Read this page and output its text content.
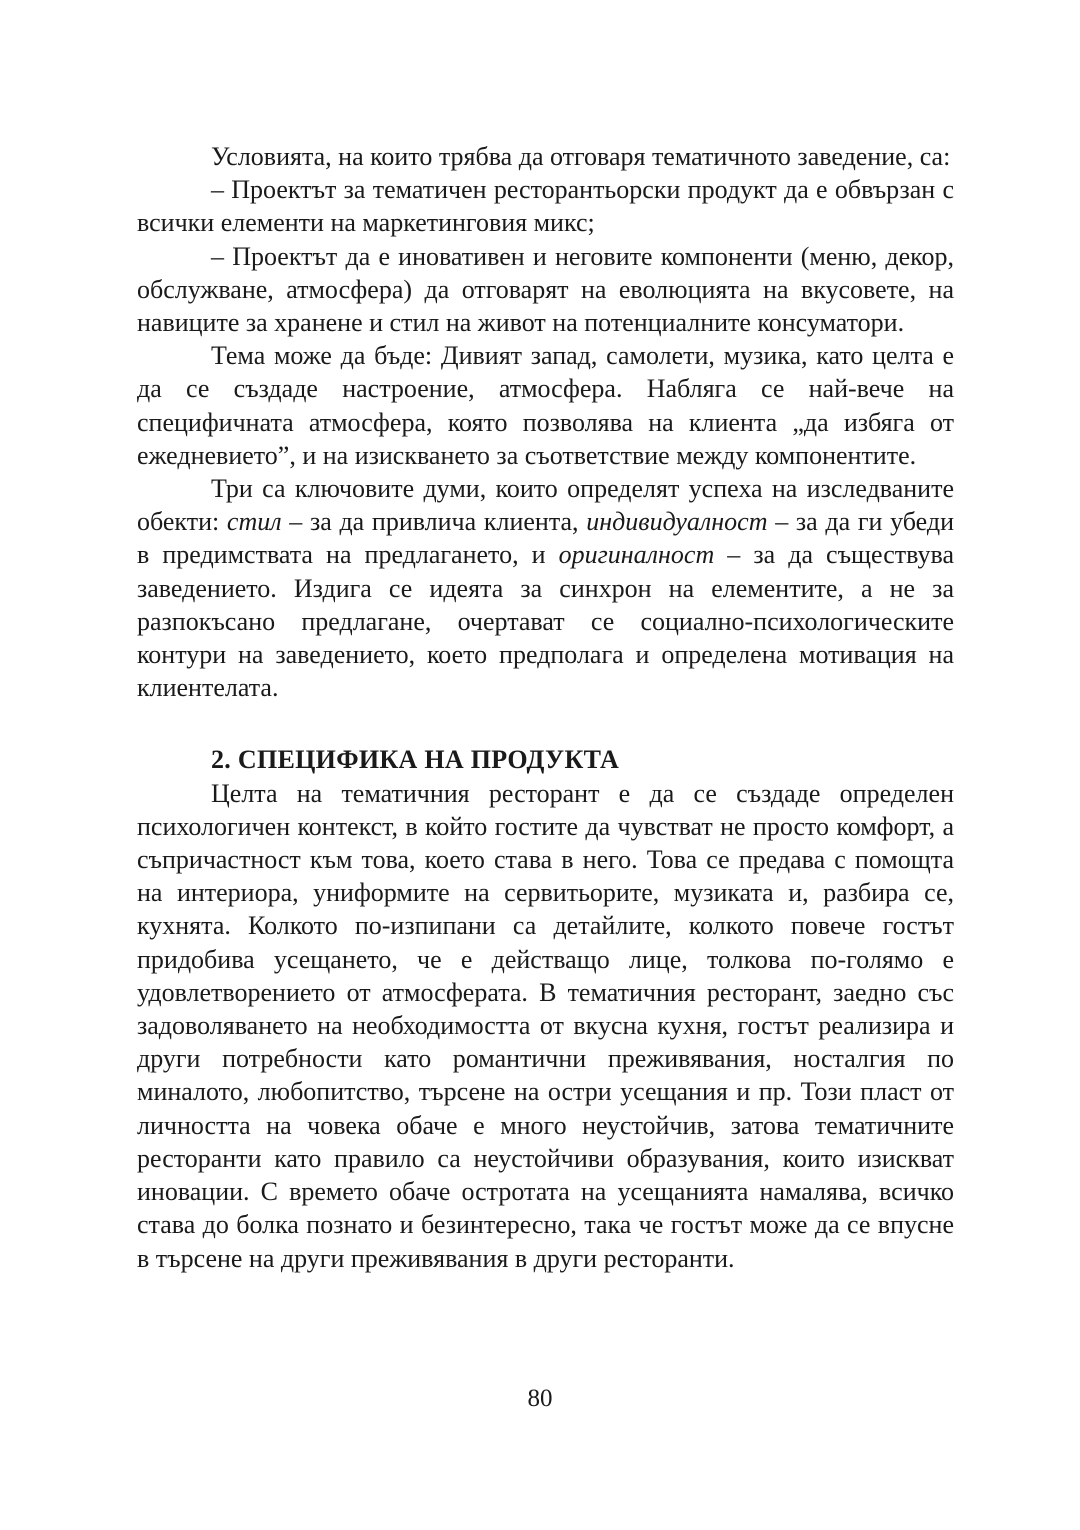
Условията, на които трябва да отговаря тематичното заведение, са:

– Проектът за тематичен ресторантьорски продукт да е обвързан с всички елементи на маркетинговия микс;

– Проектът да е иновативен и неговите компоненти (меню, декор, обслужване, атмосфера) да отговарят на еволюцията на вкусовете, на навиците за хранене и стил на живот на потенциалните консуматори.

Тема може да бъде: Дивият запад, самолети, музика, като целта е да се създаде настроение, атмосфера. Набляга се най-вече на специфичната атмосфера, която позволява на клиента „да избяга от ежедневието”, и на изискването за съответствие между компонентите.

Три са ключовите думи, които определят успеха на изследваните обекти: стил – за да привлича клиента, индивидуалност – за да ги убеди в предимствата на предлагането, и оригиналност – за да съществува заведението. Издига се идеята за синхрон на елементите, а не за разпокъсано предлагане, очертават се социално-психологическите контури на заведението, което предполага и определена мотивация на клиентелата.

2. СПЕЦИФИКА НА ПРОДУКТА

Целта на тематичния ресторант е да се създаде определен психологичен контекст, в който гостите да чувстват не просто комфорт, а съпричастност към това, което става в него. Това се предава с помощта на интериора, униформите на сервитьорите, музиката и, разбира се, кухнята. Колкото по-изпипани са детайлите, колкото повече гостът придобива усещането, че е действащо лице, толкова по-голямо е удовлетворението от атмосферата. В тематичния ресторант, заедно със задоволяването на необходимостта от вкусна кухня, гостът реализира и други потребности като романтични преживявания, носталгия по миналото, любопитство, търсене на остри усещания и пр. Този пласт от личността на човека обаче е много неустойчив, затова тематичните ресторанти като правило са неустойчиви образувания, които изискват иновации. С времето обаче остротата на усещанията намалява, всичко става до болка познато и безинтересно, така че гостът може да се впусне в търсене на други преживявания в други ресторанти.

80
